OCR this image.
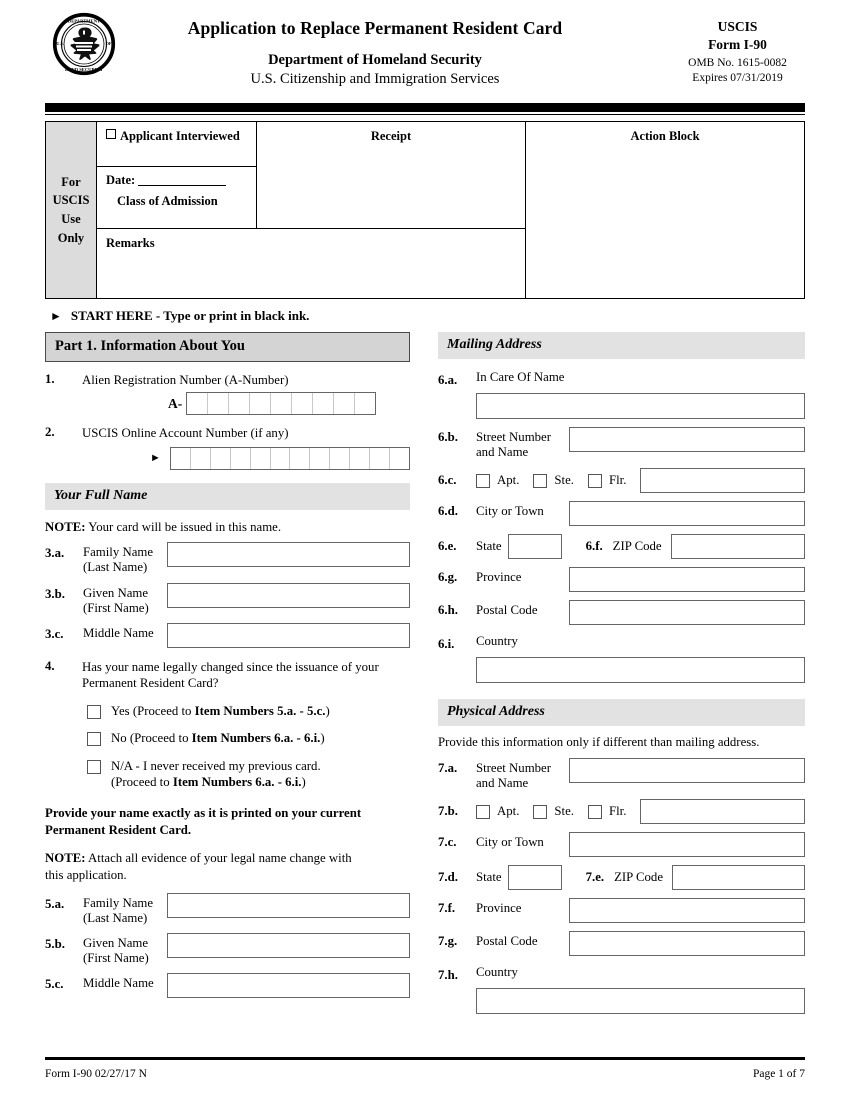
DEPARTMENT
LAND SECURITY
U.S.	OF
Application to Replace Permanent Resident Card
Department of Homeland Security
U.S. Citizenship and Immigration Services
USCIS
Form I-90
OMB No. 1615-0082
Expires 07/31/2019
For
USCIS
Use
Only
Applicant Interviewed
Date:
Class of Admission
Receipt
Remarks
Action Block
► START HERE - Type or print in black ink.
Part 1. Information About You
1.	Alien Registration Number (A-Number)
A-
2.	USCIS Online Account Number (if any)
►
Your Full Name
NOTE: Your card will be issued in this name.
3.a.	Family Name
(Last Name)
3.b.	Given Name
(First Name)
3.c.	Middle Name
4.	Has your name legally changed since the issuance of your
Permanent Resident Card?
Yes (Proceed to Item Numbers 5.a. - 5.c.)
No (Proceed to Item Numbers 6.a. - 6.i.)
N/A - I never received my previous card.
(Proceed to Item Numbers 6.a. - 6.i.)
Provide your name exactly as it is printed on your current
Permanent Resident Card.
NOTE: Attach all evidence of your legal name change with
this application.
5.a.	Family Name
(Last Name)
5.b.	Given Name
(First Name)
5.c.	Middle Name
Mailing Address
6.a.	In Care Of Name
6.b.	Street Number
and Name
6.c.	Apt.	Ste.	Flr.
6.d.	City or Town
6.e.	State	6.f. ZIP Code
6.g.	Province
6.h.	Postal Code
6.i.	Country
Physical Address
Provide this information only if different than mailing address.
7.a.	Street Number
and Name
7.b.	Apt.	Ste.	Flr.
7.c.	City or Town
7.d.	State	7.e. ZIP Code
7.f.	Province
7.g.	Postal Code
7.h.	Country
Form I-90 02/27/17 N	Page 1 of 7
